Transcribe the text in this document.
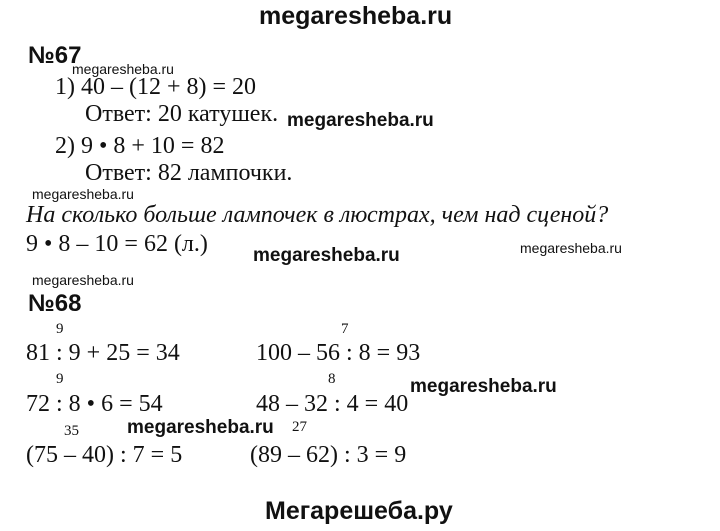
megaresheba.ru
№67
megaresheba.ru
1) 40 – (12 + 8) = 20
Ответ: 20 катушек. megaresheba.ru
2) 9 • 8 + 10 = 82
Ответ: 82 лампочки.
megaresheba.ru
На сколько больше лампочек в люстрах, чем над сценой?
9 • 8 – 10 = 62 (л.) megaresheba.ru	megaresheba.ru
megaresheba.ru
№68
9
81 : 9 + 25 = 34
7
100 – 56 : 8 = 93
9
72 : 8 • 6 = 54
8
48 – 32 : 4 = 40
megaresheba.ru
35	megaresheba.ru 27
(75 – 40) : 7 = 5	(89 – 62) : 3 = 9
Мегарешеба.ру
